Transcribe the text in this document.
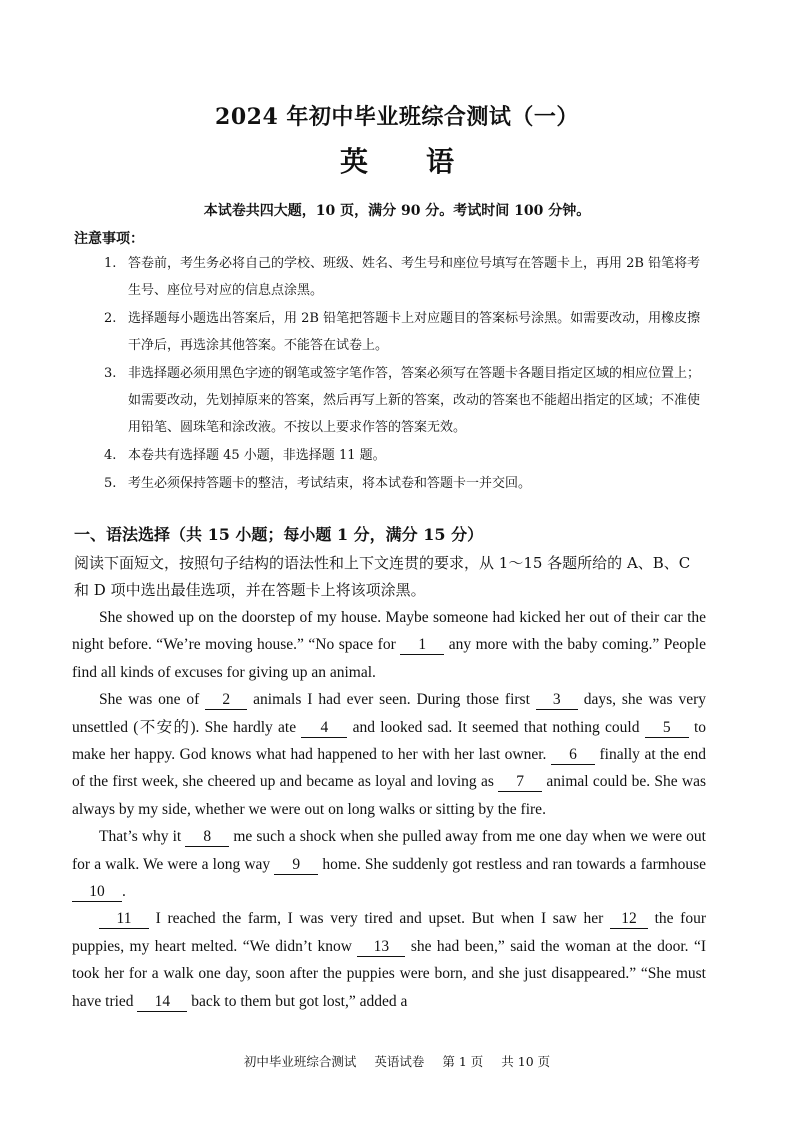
2024 年初中毕业班综合测试（一）
英语
本试卷共四大题，10 页，满分 90 分。考试时间 100 分钟。
注意事项：
1. 答卷前，考生务必将自己的学校、班级、姓名、考生号和座位号填写在答题卡上，再用 2B 铅笔将考生号、座位号对应的信息点涂黑。
2. 选择题每小题选出答案后，用 2B 铅笔把答题卡上对应题目的答案标号涂黑。如需要改动，用橡皮擦干净后，再选涂其他答案。不能答在试卷上。
3. 非选择题必须用黑色字迹的钢笔或签字笔作答，答案必须写在答题卡各题目指定区域的相应位置上；如需要改动，先划掉原来的答案，然后再写上新的答案，改动的答案也不能超出指定的区域；不准使用铅笔、圆珠笔和涂改液。不按以上要求作答的答案无效。
4. 本卷共有选择题 45 小题，非选择题 11 题。
5. 考生必须保持答题卡的整洁，考试结束，将本试卷和答题卡一并交回。
一、语法选择（共 15 小题；每小题 1 分，满分 15 分）
阅读下面短文，按照句子结构的语法性和上下文连贯的要求，从 1～15 各题所给的 A、B、C 和 D 项中选出最佳选项，并在答题卡上将该项涂黑。

She showed up on the doorstep of my house. Maybe someone had kicked her out of their car the night before. “We’re moving house.” “No space for 1 any more with the baby coming.” People find all kinds of excuses for giving up an animal.

She was one of 2 animals I had ever seen. During those first 3 days, she was very unsettled (不安的). She hardly ate 4 and looked sad. It seemed that nothing could 5 to make her happy. God knows what had happened to her with her last owner. 6 finally at the end of the first week, she cheered up and became as loyal and loving as 7 animal could be. She was always by my side, whether we were out on long walks or sitting by the fire.

That’s why it 8 me such a shock when she pulled away from me one day when we were out for a walk. We were a long way 9 home. She suddenly got restless and ran towards a farmhouse 10 .

11 I reached the farm, I was very tired and upset. But when I saw her 12 the four puppies, my heart melted. “We didn’t know 13 she had been,” said the woman at the door. “I took her for a walk one day, soon after the puppies were born, and she just disappeared.” “She must have tried 14 back to them but got lost,” added a

初中毕业班综合测试 英语试卷 第 1 页 共 10 页
